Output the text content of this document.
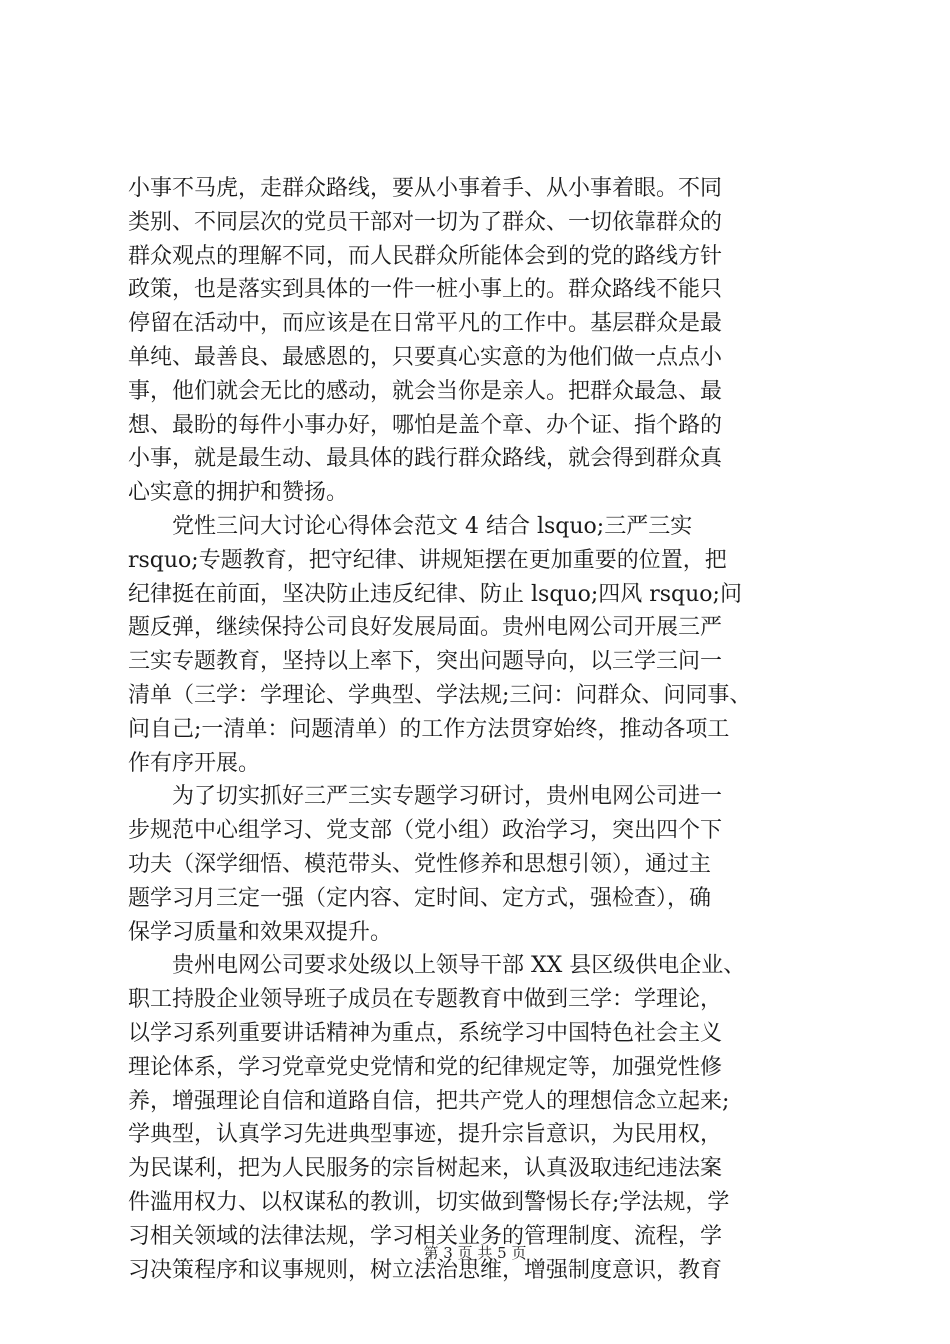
小事不马虎，走群众路线，要从小事着手、从小事着眼。不同
类别、不同层次的党员干部对一切为了群众、一切依靠群众的
群众观点的理解不同，而人民群众所能体会到的党的路线方针
政策，也是落实到具体的一件一桩小事上的。群众路线不能只
停留在活动中，而应该是在日常平凡的工作中。基层群众是最
单纯、最善良、最感恩的，只要真心实意的为他们做一点点小
事，他们就会无比的感动，就会当你是亲人。把群众最急、最
想、最盼的每件小事办好，哪怕是盖个章、办个证、指个路的
小事，就是最生动、最具体的践行群众路线，就会得到群众真
心实意的拥护和赞扬。
　　党性三问大讨论心得体会范文 4 结合 lsquo;三严三实
rsquo;专题教育，把守纪律、讲规矩摆在更加重要的位置，把
纪律挺在前面，坚决防止违反纪律、防止 lsquo;四风 rsquo;问
题反弹，继续保持公司良好发展局面。贵州电网公司开展三严
三实专题教育，坚持以上率下，突出问题导向，以三学三问一
清单（三学：学理论、学典型、学法规;三问：问群众、问同事、
问自己;一清单：问题清单）的工作方法贯穿始终，推动各项工
作有序开展。
　　为了切实抓好三严三实专题学习研讨，贵州电网公司进一
步规范中心组学习、党支部（党小组）政治学习，突出四个下
功夫（深学细悟、模范带头、党性修养和思想引领），通过主
题学习月三定一强（定内容、定时间、定方式，强检查），确
保学习质量和效果双提升。
　　贵州电网公司要求处级以上领导干部 XX 县区级供电企业、
职工持股企业领导班子成员在专题教育中做到三学：学理论，
以学习系列重要讲话精神为重点，系统学习中国特色社会主义
理论体系，学习党章党史党情和党的纪律规定等，加强党性修
养，增强理论自信和道路自信，把共产党人的理想信念立起来;
学典型，认真学习先进典型事迹，提升宗旨意识，为民用权，
为民谋利，把为人民服务的宗旨树起来，认真汲取违纪违法案
件滥用权力、以权谋私的教训，切实做到警惕长存;学法规，学
习相关领域的法律法规，学习相关业务的管理制度、流程，学
习决策程序和议事规则，树立法治思维，增强制度意识，教育
第 3 页 共 5 页
